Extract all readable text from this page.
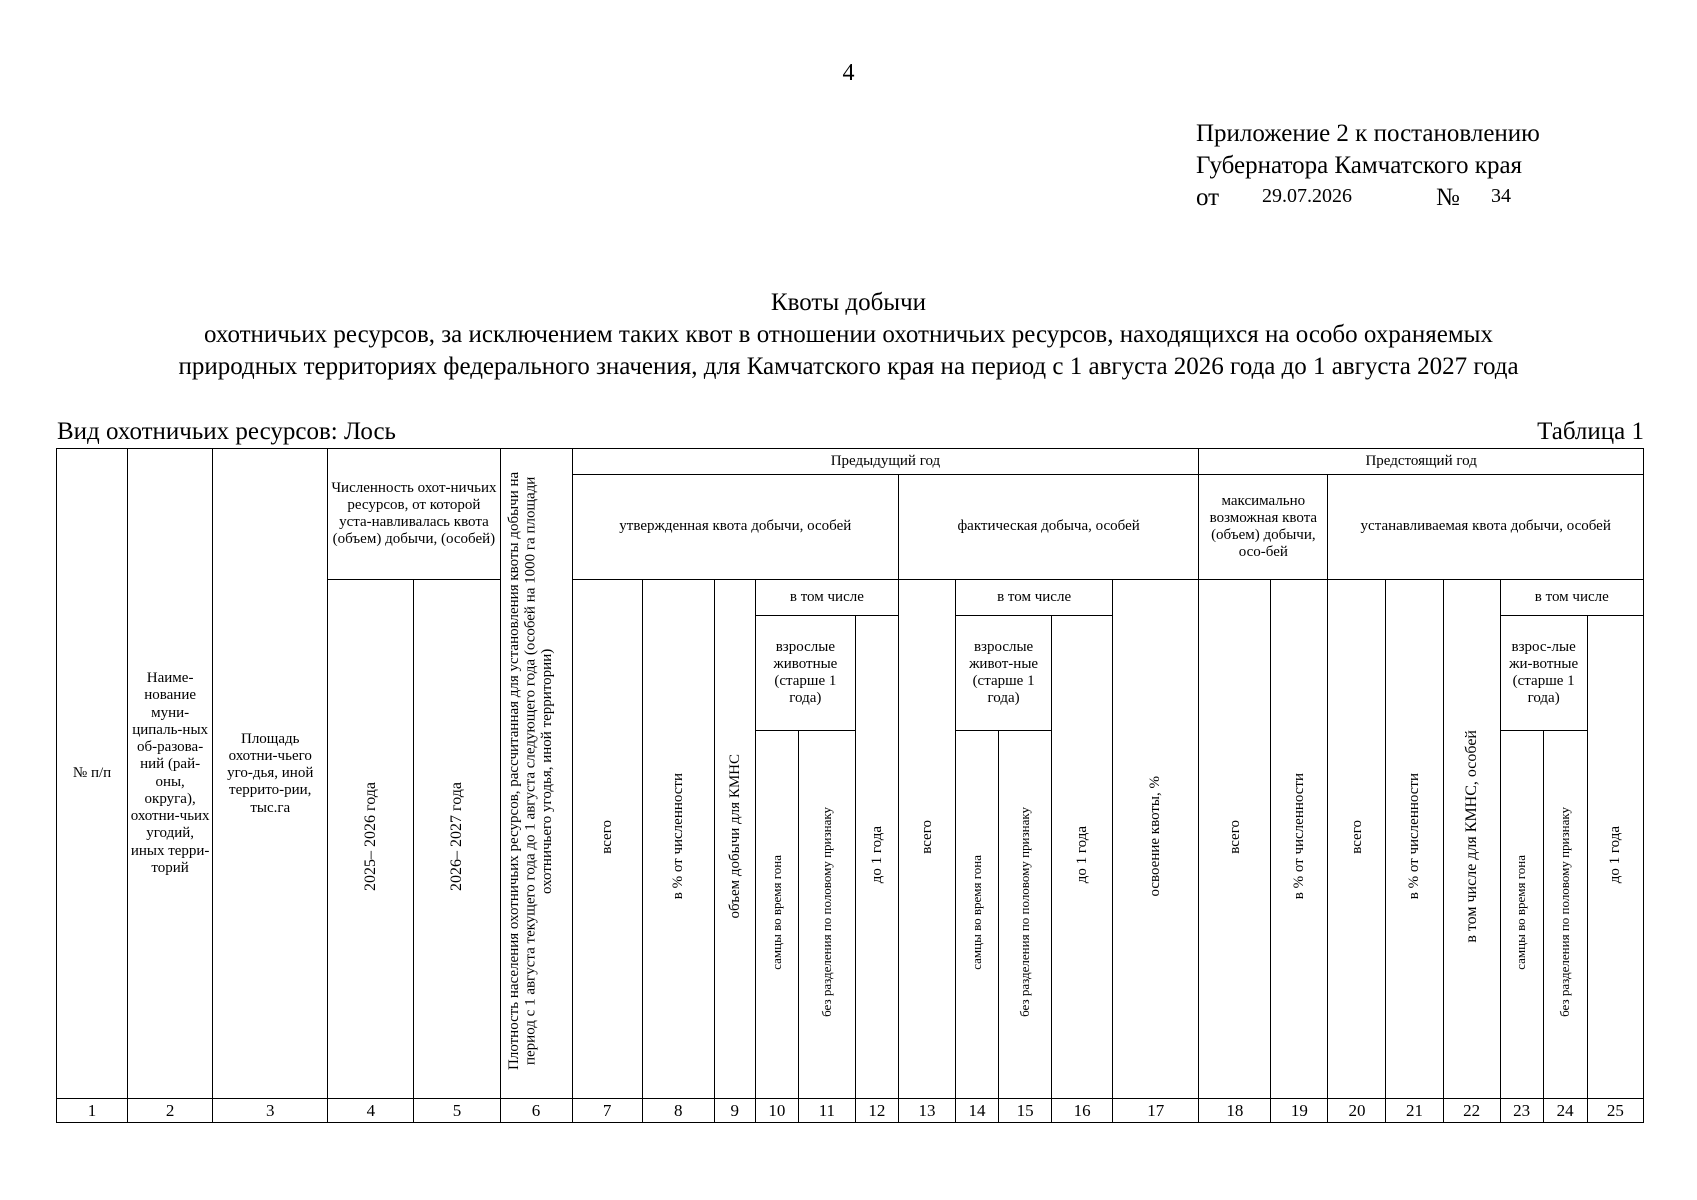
4
Приложение 2 к постановлению
Губернатора Камчатского края
от 29.07.2026	№ 34
Квоты добычи
охотничьих ресурсов, за исключением таких квот в отношении охотничьих ресурсов, находящихся на особо охраняемых
природных территориях федерального значения, для Камчатского края на период с 1 августа 2026 года до 1 августа 2027 года
Вид охотничьих ресурсов: Лось	Таблица 1
№ п/п	Наиме-нование муни-ципаль-ных об-разова-ний (рай-оны, округа), охотни-чьих угодий, иных терри-торий	Площадь охотни-чьего уго-дья, иной террито-рии, тыс.га	Численность охот-ничьих ресурсов, от которой уста-навливалась квота (объем) добычи, (особей)		Плотность населения охотничьих ресурсов, рассчитанная для установления квоты добычи на период с 1 августа текущего года до 1 августа следующего года (особей на 1000 га площади охотничьего угодья, иной территории)	Предыдущий год											Предстоящий год							
						утвержденная квота добычи, особей						фактическая добыча, особей					максимально возможная квота (объем) добычи, осо-бей		устанавливаемая квота добычи, особей					
			2025– 2026 года	2026– 2027 года		всего	в % от численности	объем добычи для КМНС	в том числе			всего	в том числе			освоение квоты, %	всего	в % от численности	всего	в % от численности	в том числе для КМНС, особей	в том числе		
									взрослые животные (старше 1 года)		до 1 года		взрослые живот-ные (старше 1 года)		до 1 года							взрос-лые жи-вотные (старше 1 года)		до 1 года
									самцы во время гона	без разделения по половому признаку			самцы во время гона	без разделения по половому признаку								самцы во время гона	без разделения по половому признаку	
1	2	3	4	5	6	7	8	9	10	11	12	13	14	15	16	17	18	19	20	21	22	23	24	25
